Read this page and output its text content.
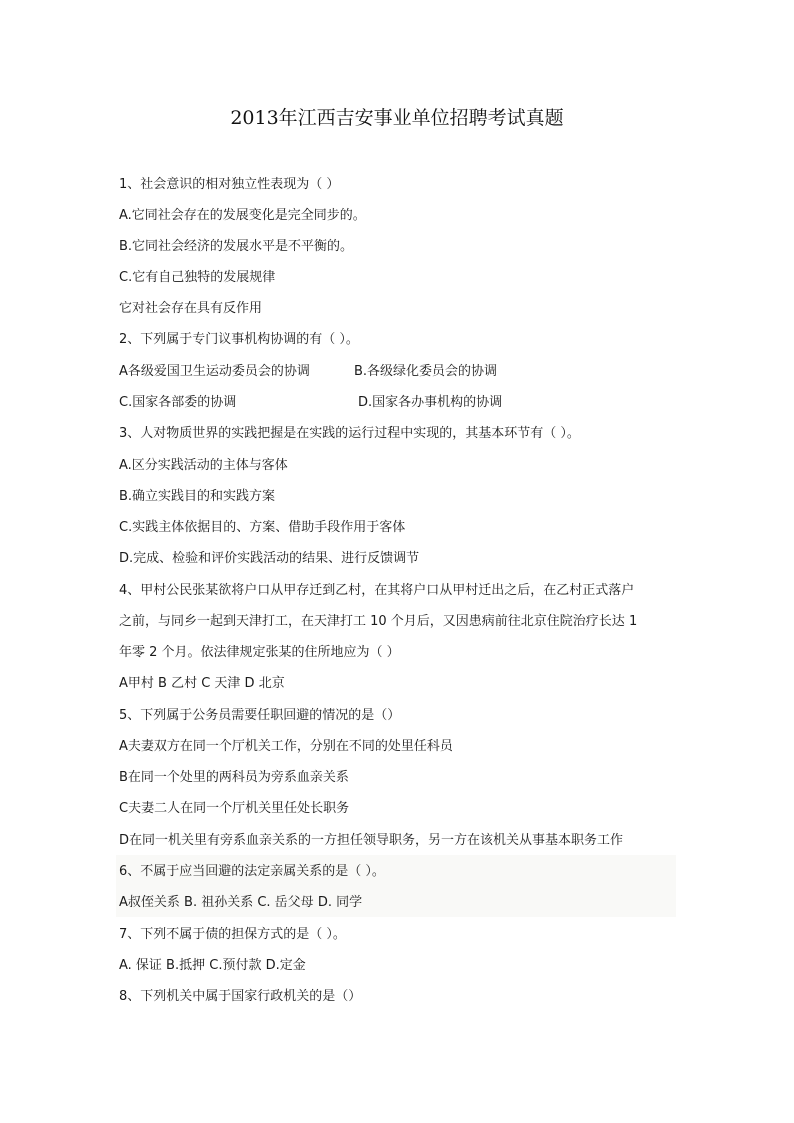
2013年江西吉安事业单位招聘考试真题
1、社会意识的相对独立性表现为（ ）
A.它同社会存在的发展变化是完全同步的。
B.它同社会经济的发展水平是不平衡的。
C.它有自己独特的发展规律
它对社会存在具有反作用
2、下列属于专门议事机构协调的有（ ）。
A各级爱国卫生运动委员会的协调	B.各级绿化委员会的协调
C.国家各部委的协调	D.国家各办事机构的协调
3、人对物质世界的实践把握是在实践的运行过程中实现的，其基本环节有（ ）。
A.区分实践活动的主体与客体
B.确立实践目的和实践方案
C.实践主体依据目的、方案、借助手段作用于客体
D.完成、检验和评价实践活动的结果、进行反馈调节
4、甲村公民张某欲将户口从甲存迁到乙村，在其将户口从甲村迁出之后，在乙村正式落户
之前，与同乡一起到天津打工，在天津打工 10 个月后，又因患病前往北京住院治疗长达 1
年零 2 个月。依法律规定张某的住所地应为（ ）
A甲村 B 乙村 C 天津 D 北京
5、下列属于公务员需要任职回避的情况的是（）
A夫妻双方在同一个厅机关工作，分别在不同的处里任科员
B在同一个处里的两科员为旁系血亲关系
C夫妻二人在同一个厅机关里任处长职务
D在同一机关里有旁系血亲关系的一方担任领导职务，另一方在该机关从事基本职务工作
6、不属于应当回避的法定亲属关系的是（ ）。
A叔侄关系 B. 祖孙关系 C. 岳父母 D. 同学
7、下列不属于债的担保方式的是（ ）。
A. 保证 B.抵押 C.预付款 D.定金
8、下列机关中属于国家行政机关的是（）
